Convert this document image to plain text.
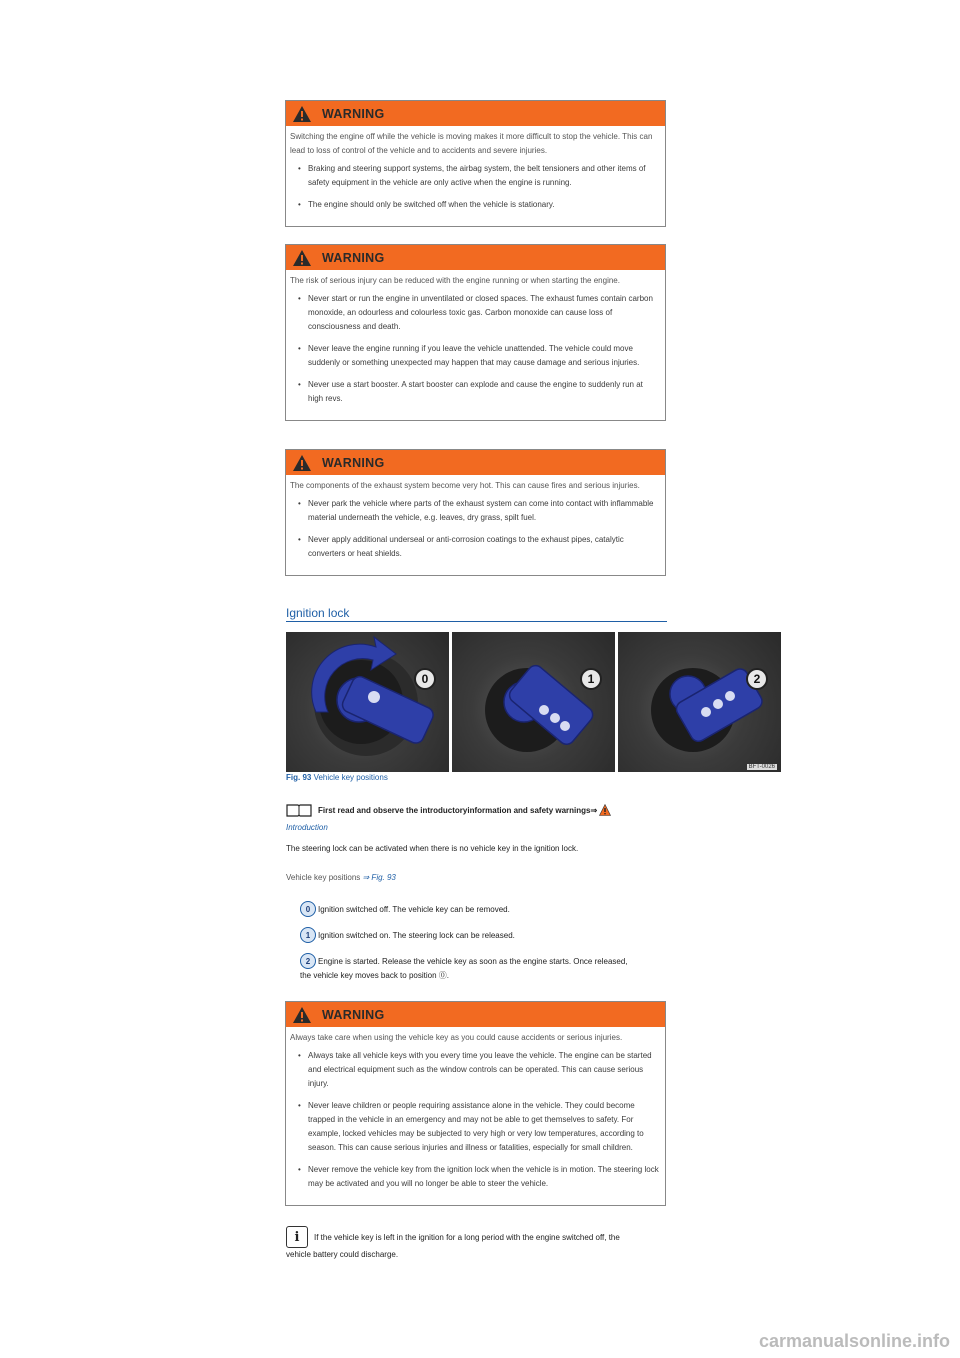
WARNING

Switching the engine off while the vehicle is moving makes it more difficult to stop the vehicle. This can lead to loss of control of the vehicle and to accidents and severe injuries.

• Braking and steering support systems, the airbag system, the belt tensioners and other items of safety equipment in the vehicle are only active when the engine is running.
• The engine should only be switched off when the vehicle is stationary.
WARNING

The risk of serious injury can be reduced with the engine running or when starting the engine.

• Never start or run the engine in unventilated or closed spaces. The exhaust fumes contain carbon monoxide, an odourless and colourless toxic gas. Carbon monoxide can cause loss of consciousness and death.
• Never leave the engine running if you leave the vehicle unattended. The vehicle could move suddenly or something unexpected may happen that may cause damage and serious injuries.
• Never use a start booster. A start booster can explode and cause the engine to suddenly run at high revs.
WARNING

The components of the exhaust system become very hot. This can cause fires and serious injuries.

• Never park the vehicle where parts of the exhaust system can come into contact with inflammable material underneath the vehicle, e.g. leaves, dry grass, spilt fuel.
• Never apply additional underseal or anti-corrosion coatings to the exhaust pipes, catalytic converters or heat shields.
Ignition lock
0	1	2
BFT-0026
Fig. 93 Vehicle key positions
First read and observe the introductoryinformation and safety warnings ⇒
Introduction
The steering lock can be activated when there is no vehicle key in the ignition lock.
Vehicle key positions ⇒ Fig. 93
0 Ignition switched off. The vehicle key can be removed.
1 Ignition switched on. The steering lock can be released.
2 Engine is started. Release the vehicle key as soon as the engine starts. Once released,
the vehicle key moves back to position ⓪.
WARNING

Always take care when using the vehicle key as you could cause accidents or serious injuries.

• Always take all vehicle keys with you every time you leave the vehicle. The engine can be started and electrical equipment such as the window controls can be operated. This can cause serious injury.
• Never leave children or people requiring assistance alone in the vehicle. They could become trapped in the vehicle in an emergency and may not be able to get themselves to safety. For example, locked vehicles may be subjected to very high or very low temperatures, according to season. This can cause serious injuries and illness or fatalities, especially for small children.
• Never remove the vehicle key from the ignition lock when the vehicle is in motion. The steering lock may be activated and you will no longer be able to steer the vehicle.
i	If the vehicle key is left in the ignition for a long period with the engine switched off, the
vehicle battery could discharge.
carmanualsonline.info
